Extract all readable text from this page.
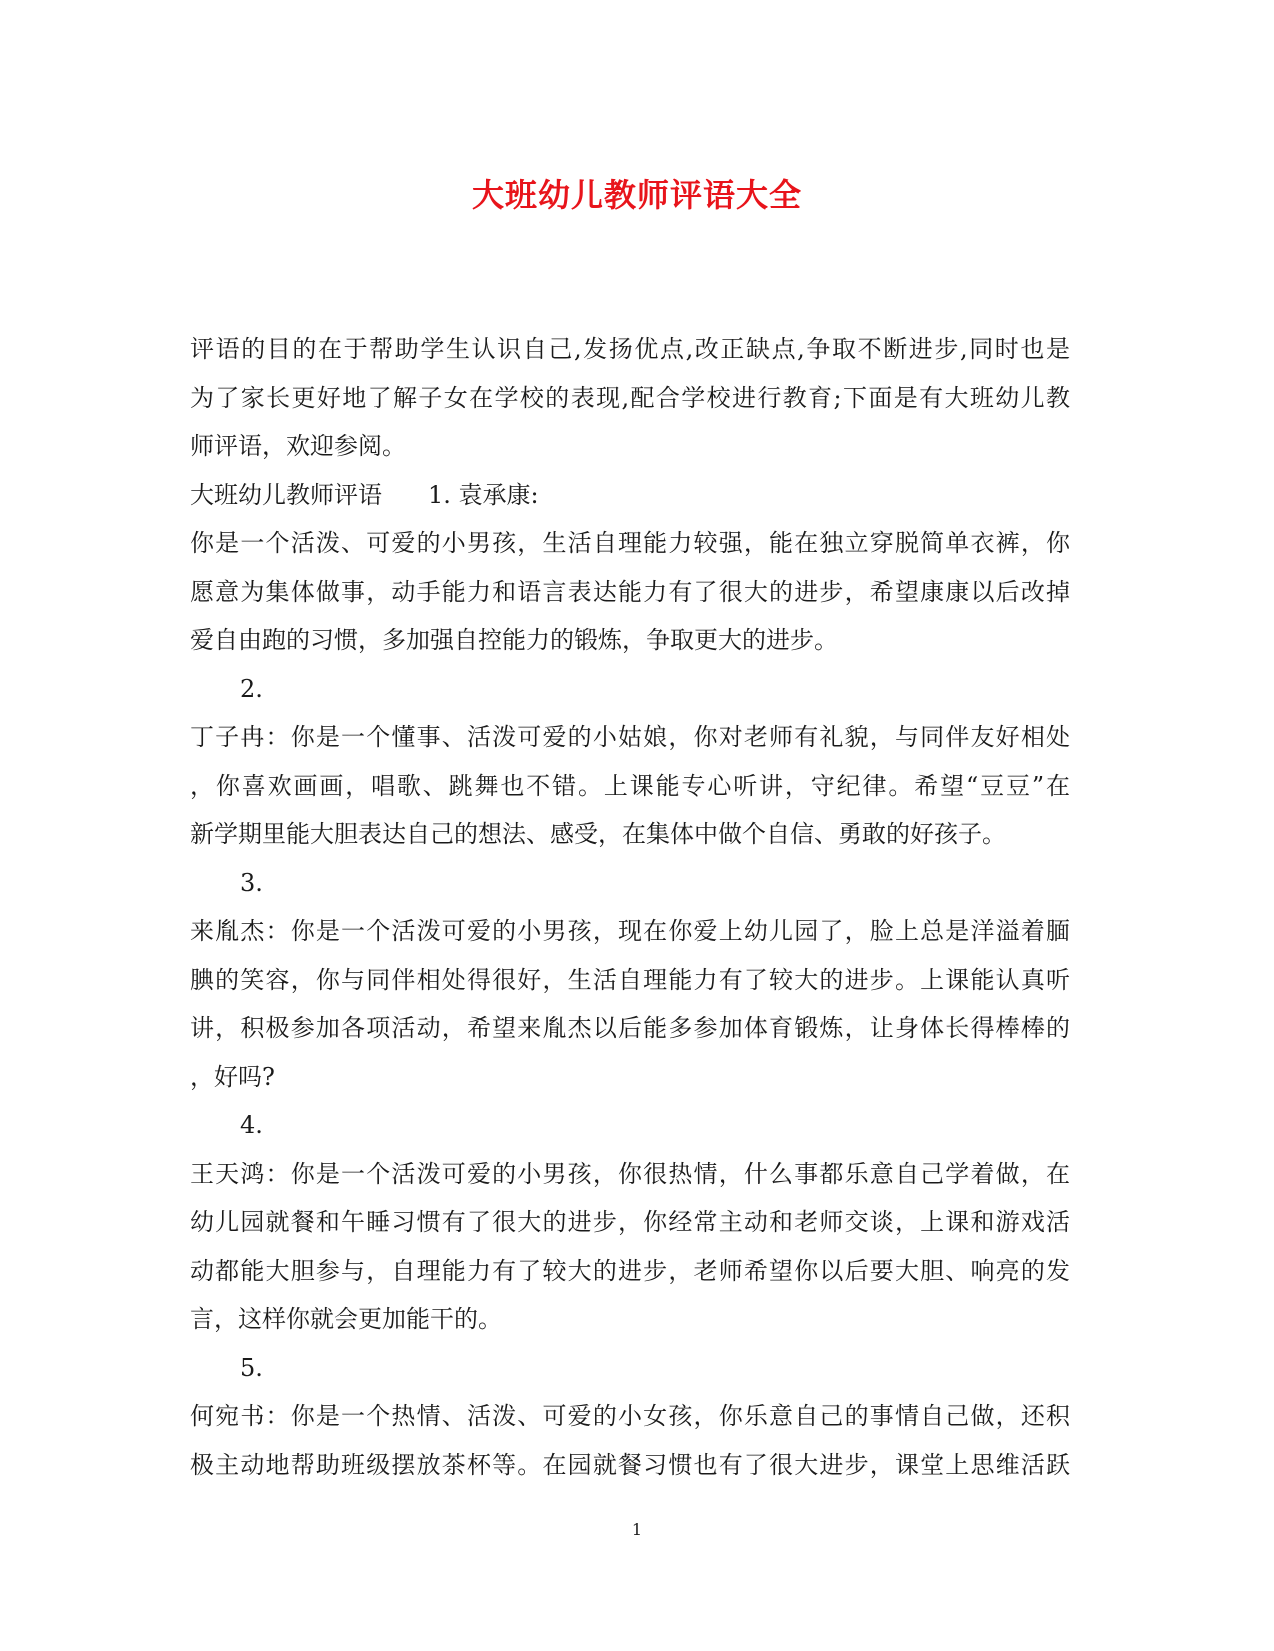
大班幼儿教师评语大全
评语的目的在于帮助学生认识自己,发扬优点,改正缺点,争取不断进步,同时也是
为了家长更好地了解子女在学校的表现,配合学校进行教育;下面是有大班幼儿教
师评语，欢迎参阅。
大班幼儿教师评语 1. 袁承康:
你是一个活泼、可爱的小男孩，生活自理能力较强，能在独立穿脱简单衣裤，你
愿意为集体做事，动手能力和语言表达能力有了很大的进步，希望康康以后改掉
爱自由跑的习惯，多加强自控能力的锻炼，争取更大的进步。
2.
丁子冉：你是一个懂事、活泼可爱的小姑娘，你对老师有礼貌，与同伴友好相处
，你喜欢画画，唱歌、跳舞也不错。上课能专心听讲，守纪律。希望“豆豆”在
新学期里能大胆表达自己的想法、感受，在集体中做个自信、勇敢的好孩子。
3.
来胤杰：你是一个活泼可爱的小男孩，现在你爱上幼儿园了，脸上总是洋溢着腼
腆的笑容，你与同伴相处得很好，生活自理能力有了较大的进步。上课能认真听
讲，积极参加各项活动，希望来胤杰以后能多参加体育锻炼，让身体长得棒棒的
，好吗?
4.
王天鸿：你是一个活泼可爱的小男孩，你很热情，什么事都乐意自己学着做，在
幼儿园就餐和午睡习惯有了很大的进步，你经常主动和老师交谈，上课和游戏活
动都能大胆参与，自理能力有了较大的进步，老师希望你以后要大胆、响亮的发
言，这样你就会更加能干的。
5.
何宛书：你是一个热情、活泼、可爱的小女孩，你乐意自己的事情自己做，还积
极主动地帮助班级摆放茶杯等。在园就餐习惯也有了很大进步，课堂上思维活跃
1
